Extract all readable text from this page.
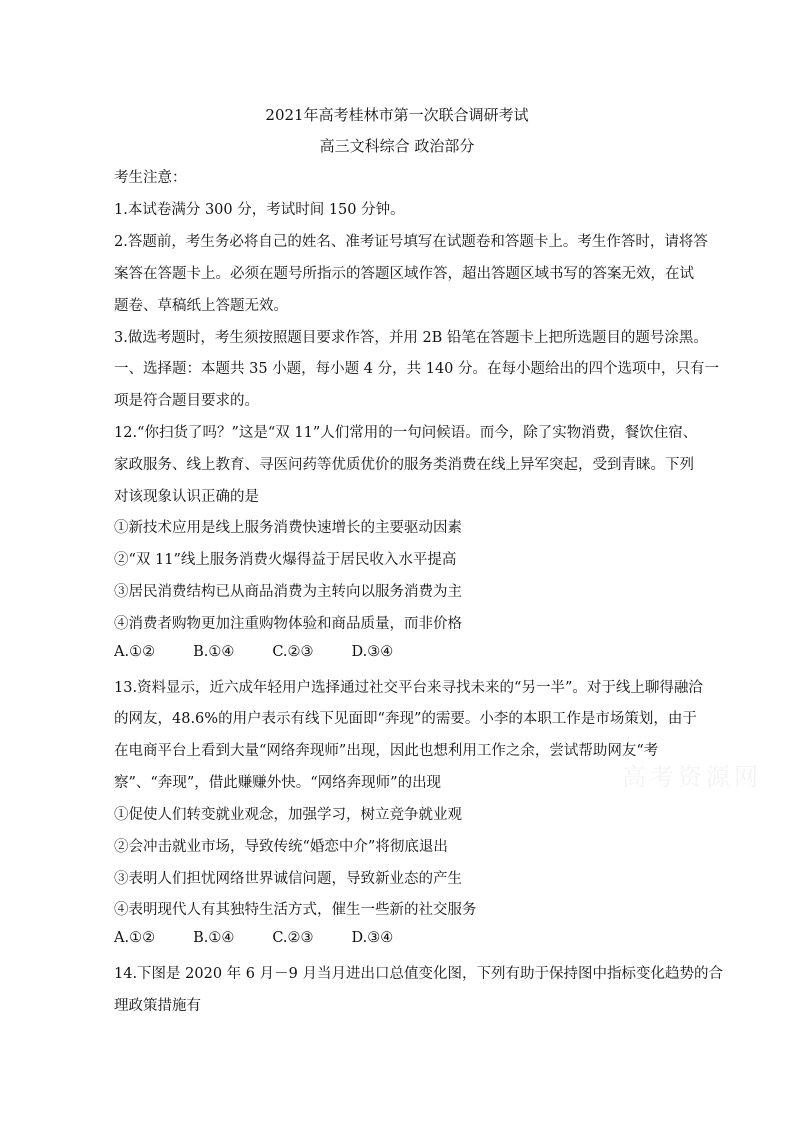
2021年高考桂林市第一次联合调研考试
高三文科综合 政治部分
考生注意：
1.本试卷满分 300 分，考试时间 150 分钟。
2.答题前，考生务必将自己的姓名、准考证号填写在试题卷和答题卡上。考生作答时，请将答
案答在答题卡上。必须在题号所指示的答题区域作答，超出答题区域书写的答案无效，在试
题卷、草稿纸上答题无效。
3.做选考题时，考生须按照题目要求作答，并用 2B 铅笔在答题卡上把所选题目的题号涂黑。
一、选择题：本题共 35 小题，每小题 4 分，共 140 分。在每小题给出的四个选项中，只有一
项是符合题目要求的。
12.“你扫货了吗？”这是“双 11”人们常用的一句问候语。而今，除了实物消费，餐饮住宿、
家政服务、线上教育、寻医问药等优质优价的服务类消费在线上异军突起，受到青睐。下列
对该现象认识正确的是
①新技术应用是线上服务消费快速增长的主要驱动因素
②“双 11”线上服务消费火爆得益于居民收入水平提高
③居民消费结构已从商品消费为主转向以服务消费为主
④消费者购物更加注重购物体验和商品质量，而非价格
A.①②	B.①④	C.②③	D.③④
13.资料显示，近六成年轻用户选择通过社交平台来寻找未来的“另一半”。对于线上聊得融洽
的网友，48.6%的用户表示有线下见面即“奔现”的需要。小李的本职工作是市场策划，由于
在电商平台上看到大量“网络奔现师”出现，因此也想利用工作之余，尝试帮助网友“考
察”、“奔现”，借此赚赚外快。“网络奔现师”的出现
①促使人们转变就业观念，加强学习，树立竞争就业观
②会冲击就业市场，导致传统“婚恋中介”将彻底退出
③表明人们担忧网络世界诚信问题，导致新业态的产生
④表明现代人有其独特生活方式，催生一些新的社交服务
A.①②	B.①④	C.②③	D.③④
14.下图是 2020 年 6 月－9 月当月进出口总值变化图，下列有助于保持图中指标变化趋势的合
理政策措施有
高考资源网
